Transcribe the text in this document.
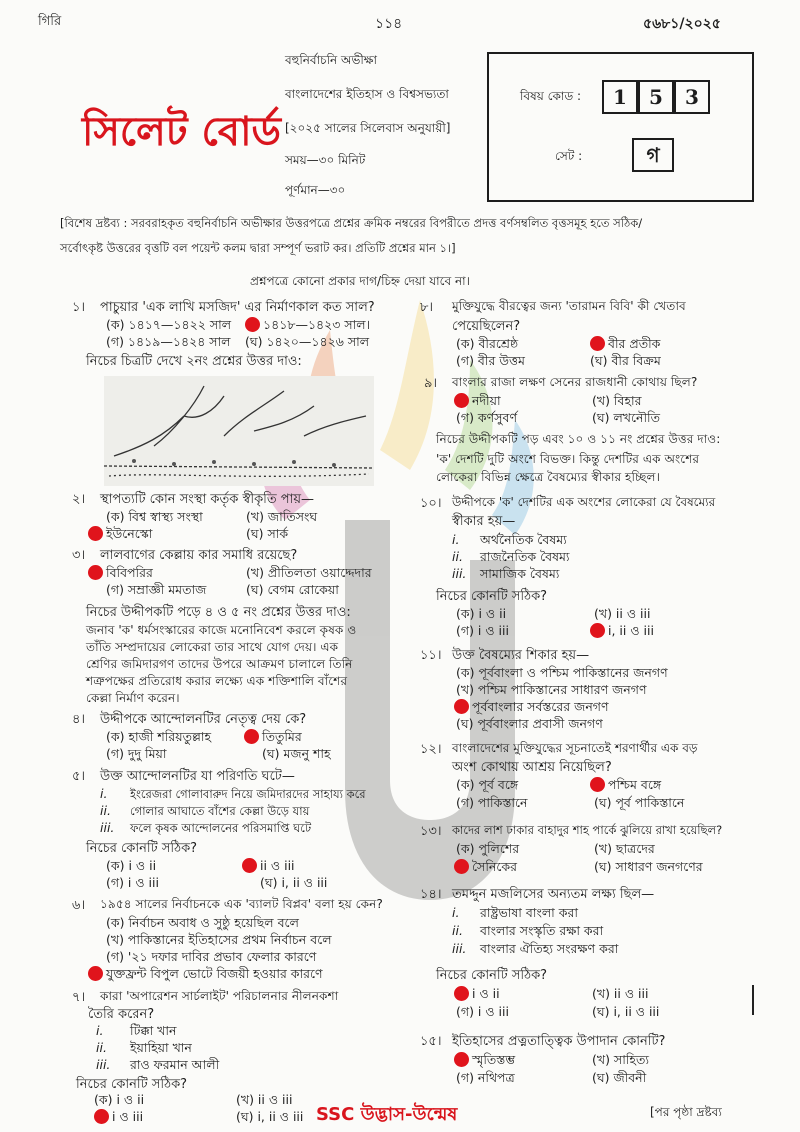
গিরি	১১৪	৫৬৮১/২০২৫
সিলেট বোর্ড
বহুনির্বাচনি অভীক্ষা
বাংলাদেশের ইতিহাস ও বিশ্বসভ্যতা
[২০২৫ সালের সিলেবাস অনুযায়ী]
সময়—৩০ মিনিট
পূর্ণমান—৩০
বিষয় কোড :	1	5	3
সেট :	গ
[বিশেষ দ্রষ্টব্য : সরবরাহকৃত বহুনির্বাচনি অভীক্ষার উত্তরপত্রে প্রশ্নের ক্রমিক নম্বরের বিপরীতে প্রদত্ত বর্ণসম্বলিত বৃত্তসমূহ হতে সঠিক/
সর্বোৎকৃষ্ট উত্তরের বৃত্তটি বল পয়েন্ট কলম দ্বারা সম্পূর্ণ ভরাট কর। প্রতিটি প্রশ্নের মান ১।]
প্রশ্নপত্রে কোনো প্রকার দাগ/চিহ্ন দেয়া যাবে না।
১। পাচুয়ার 'এক লাখি মসজিদ' এর নির্মাণকাল কত সাল?
(ক) ১৪১৭—১৪২২ সাল	১৪১৮—১৪২৩ সাল।
(গ) ১৪১৯—১৪২৪ সাল (ঘ) ১৪২০—১৪২৬ সাল
নিচের চিত্রটি দেখে ২নং প্রশ্নের উত্তর দাও:
২। স্থাপত্যটি কোন সংস্থা কর্তৃক স্বীকৃতি পায়—
(ক) বিশ্ব স্বাস্থ্য সংস্থা	(খ) জাতিসংঘ
ইউনেস্কো	(ঘ) সার্ক
৩। লালবাগের কেল্লায় কার সমাধি রয়েছে?
বিবিপরির	(খ) প্রীতিলতা ওয়াদ্দেদার
(গ) সম্রাজ্ঞী মমতাজ	(ঘ) বেগম রোকেয়া
নিচের উদ্দীপকটি পড়ে ৪ ও ৫ নং প্রশ্নের উত্তর দাও:
জনাব 'ক' ধর্মসংস্কারের কাজে মনোনিবেশ করলে কৃষক ও
তাঁতি সম্প্রদায়ের লোকেরা তার সাথে যোগ দেয়। এক
শ্রেণির জমিদারগণ তাদের উপরে আক্রমণ চালালে তিনি
শত্রুপক্ষের প্রতিরোধ করার লক্ষ্যে এক শক্তিশালি বাঁশের
কেল্লা নির্মাণ করেন।
৪। উদ্দীপকে আন্দোলনটির নেতৃত্ব দেয় কে?
(ক) হাজী শরিয়তুল্লাহ	তিতুমির
(গ) দুদু মিয়া	(ঘ) মজনু শাহ
৫। উক্ত আন্দোলনটির যা পরিণতি ঘটে—
i. ইংরেজরা গোলাবারুদ নিয়ে জমিদারদের সাহায্য করে
ii. গোলার আঘাতে বাঁশের কেল্লা উড়ে যায়
iii. ফলে কৃষক আন্দোলনের পরিসমাপ্তি ঘটে
নিচের কোনটি সঠিক?
(ক) i ও ii	ii ও iii
(গ) i ও iii	(ঘ) i, ii ও iii
৬। ১৯৫৪ সালের নির্বাচনকে এক 'ব্যালট বিপ্লব' বলা হয় কেন?
(ক) নির্বাচন অবাধ ও সুষ্ঠু হয়েছিল বলে
(খ) পাকিস্তানের ইতিহাসের প্রথম নির্বাচন বলে
(গ) '২১ দফার দাবির প্রভাব ফেলার কারণে
যুক্তফ্রন্ট বিপুল ভোটে বিজয়ী হওয়ার কারণে
৭। কারা 'অপারেশন সার্চলাইট' পরিচালনার নীলনকশা
তৈরি করেন?
i. টিক্কা খান
ii. ইয়াহিয়া খান
iii. রাও ফরমান আলী
নিচের কোনটি সঠিক?
(ক) i ও ii	(খ) ii ও iii
i ও iii	(ঘ) i, ii ও iii
৮। মুক্তিযুদ্ধে বীরত্বের জন্য 'তারামন বিবি' কী খেতাব
পেয়েছিলেন?
(ক) বীরশ্রেষ্ঠ	বীর প্রতীক
(গ) বীর উত্তম	(ঘ) বীর বিক্রম
৯। বাংলার রাজা লক্ষণ সেনের রাজধানী কোথায় ছিল?
নদীয়া	(খ) বিহার
(গ) কর্ণসুবর্ণ	(ঘ) লখনৌতি
নিচের উদ্দীপকটি পড় এবং ১০ ও ১১ নং প্রশ্নের উত্তর দাও:
'ক' দেশটি দুটি অংশে বিভক্ত। কিন্তু দেশটির এক অংশের
লোকেরা বিভিন্ন ক্ষেত্রে বৈষম্যের স্বীকার হচ্ছিল।
১০। উদ্দীপকে 'ক' দেশটির এক অংশের লোকেরা যে বৈষম্যের
স্বীকার হয়—
i. অর্থনৈতিক বৈষম্য
ii. রাজনৈতিক বৈষম্য
iii. সামাজিক বৈষম্য
নিচের কোনটি সঠিক?
(ক) i ও ii	(খ) ii ও iii
(গ) i ও iii	i, ii ও iii
১১। উক্ত বৈষম্যের শিকার হয়—
(ক) পূর্ববাংলা ও পশ্চিম পাকিস্তানের জনগণ
(খ) পশ্চিম পাকিস্তানের সাধারণ জনগণ
পূর্ববাংলার সর্বস্তরের জনগণ
(ঘ) পূর্ববাংলার প্রবাসী জনগণ
১২। বাংলাদেশের মুক্তিযুদ্ধের সূচনাতেই শরণার্থীর এক বড়
অংশ কোথায় আশ্রয় নিয়েছিল?
(ক) পূর্ব বঙ্গে	পশ্চিম বঙ্গে
(গ) পাকিস্তানে	(ঘ) পূর্ব পাকিস্তানে
১৩। কাদের লাশ ঢাকার বাহাদুর শাহ পার্কে ঝুলিয়ে রাখা হয়েছিল?
(ক) পুলিশের	(খ) ছাত্রদের
সৈনিকের	(ঘ) সাধারণ জনগণের
১৪। তমদ্দুন মজলিসের অন্যতম লক্ষ্য ছিল—
i. রাষ্ট্রভাষা বাংলা করা
ii. বাংলার সংস্কৃতি রক্ষা করা
iii. বাংলার ঐতিহ্য সংরক্ষণ করা
নিচের কোনটি সঠিক?
i ও ii	(খ) ii ও iii
(গ) i ও iii	(ঘ) i, ii ও iii
১৫। ইতিহাসের প্রত্নতাত্ত্বিক উপাদান কোনটি?
স্মৃতিস্তম্ভ	(খ) সাহিত্য
(গ) নথিপত্র	(ঘ) জীবনী
SSC উদ্ভাস-উন্মেষ	[পর পৃষ্ঠা দ্রষ্টব্য
